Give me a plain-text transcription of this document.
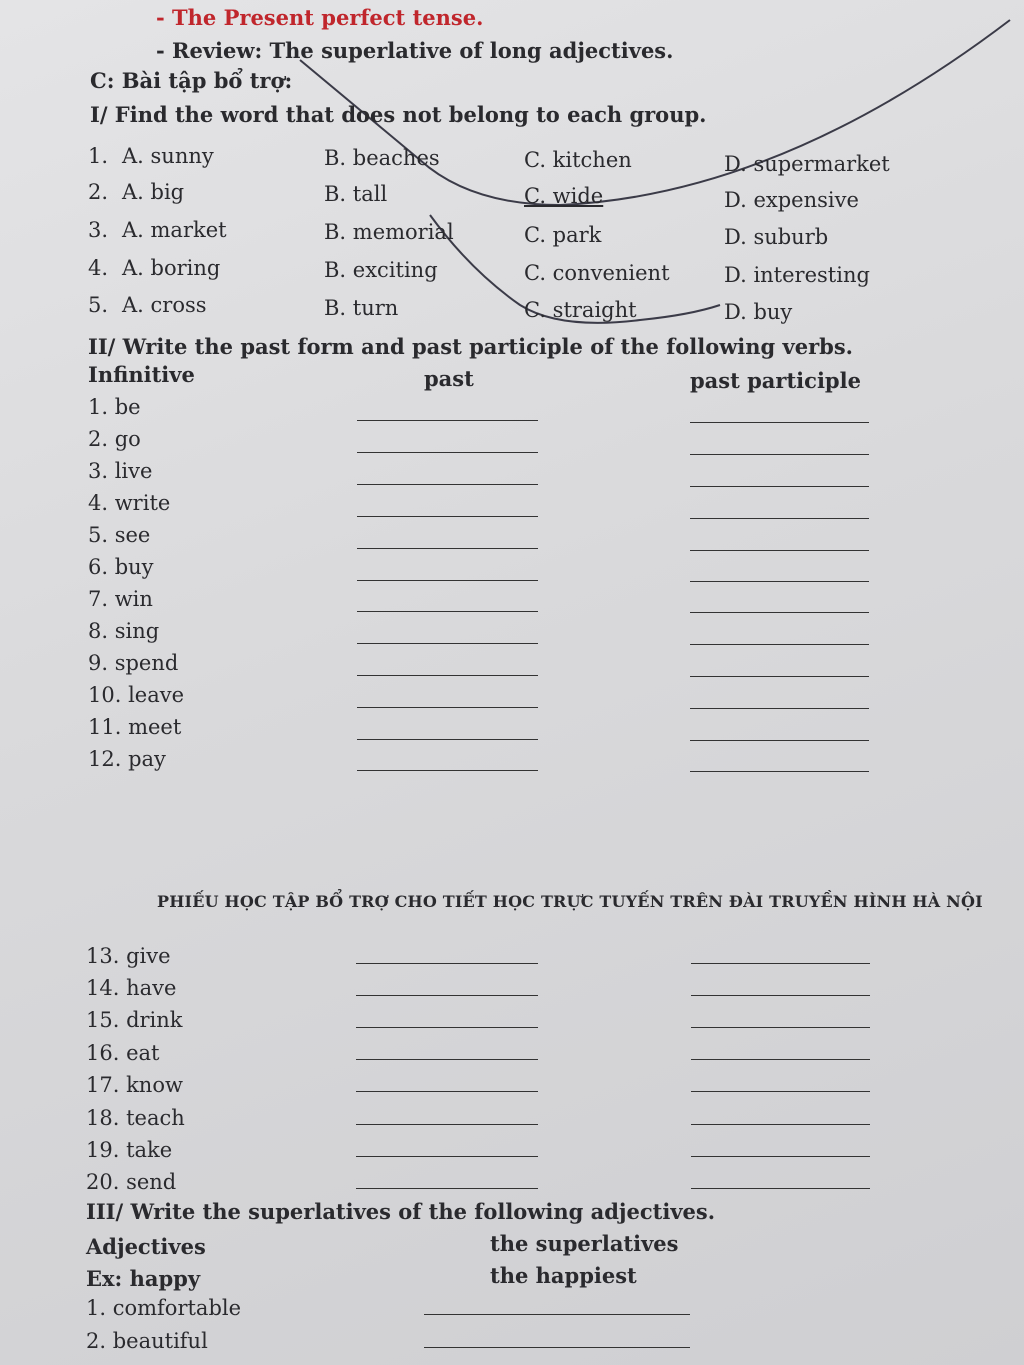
- The Present perfect tense.
- Review: The superlative of long adjectives.
C: Bài tập bổ trợ:
I/ Find the word that does not belong to each group.
1. A. sunny	B. beaches	C. kitchen	D. supermarket
2. A. big	B. tall	C. wide	D. expensive
3. A. market	B. memorial	C. park	D. suburb
4. A. boring	B. exciting	C. convenient	D. interesting
5. A. cross	B. turn	C. straight	D. buy
II/ Write the past form and past participle of the following verbs.
Infinitive	past	past participle
1. be
2. go
3. live
4. write
5. see
6. buy
7. win
8. sing
9. spend
10. leave
11. meet
12. pay
PHIẾU HỌC TẬP BỔ TRỢ CHO TIẾT HỌC TRỰC TUYẾN TRÊN ĐÀI TRUYỀN HÌNH HÀ NỘI
13. give
14. have
15. drink
16. eat
17. know
18. teach
19. take
20. send
III/ Write the superlatives of the following adjectives.
Adjectives	the superlatives
Ex: happy	the happiest
1. comfortable
2. beautiful
